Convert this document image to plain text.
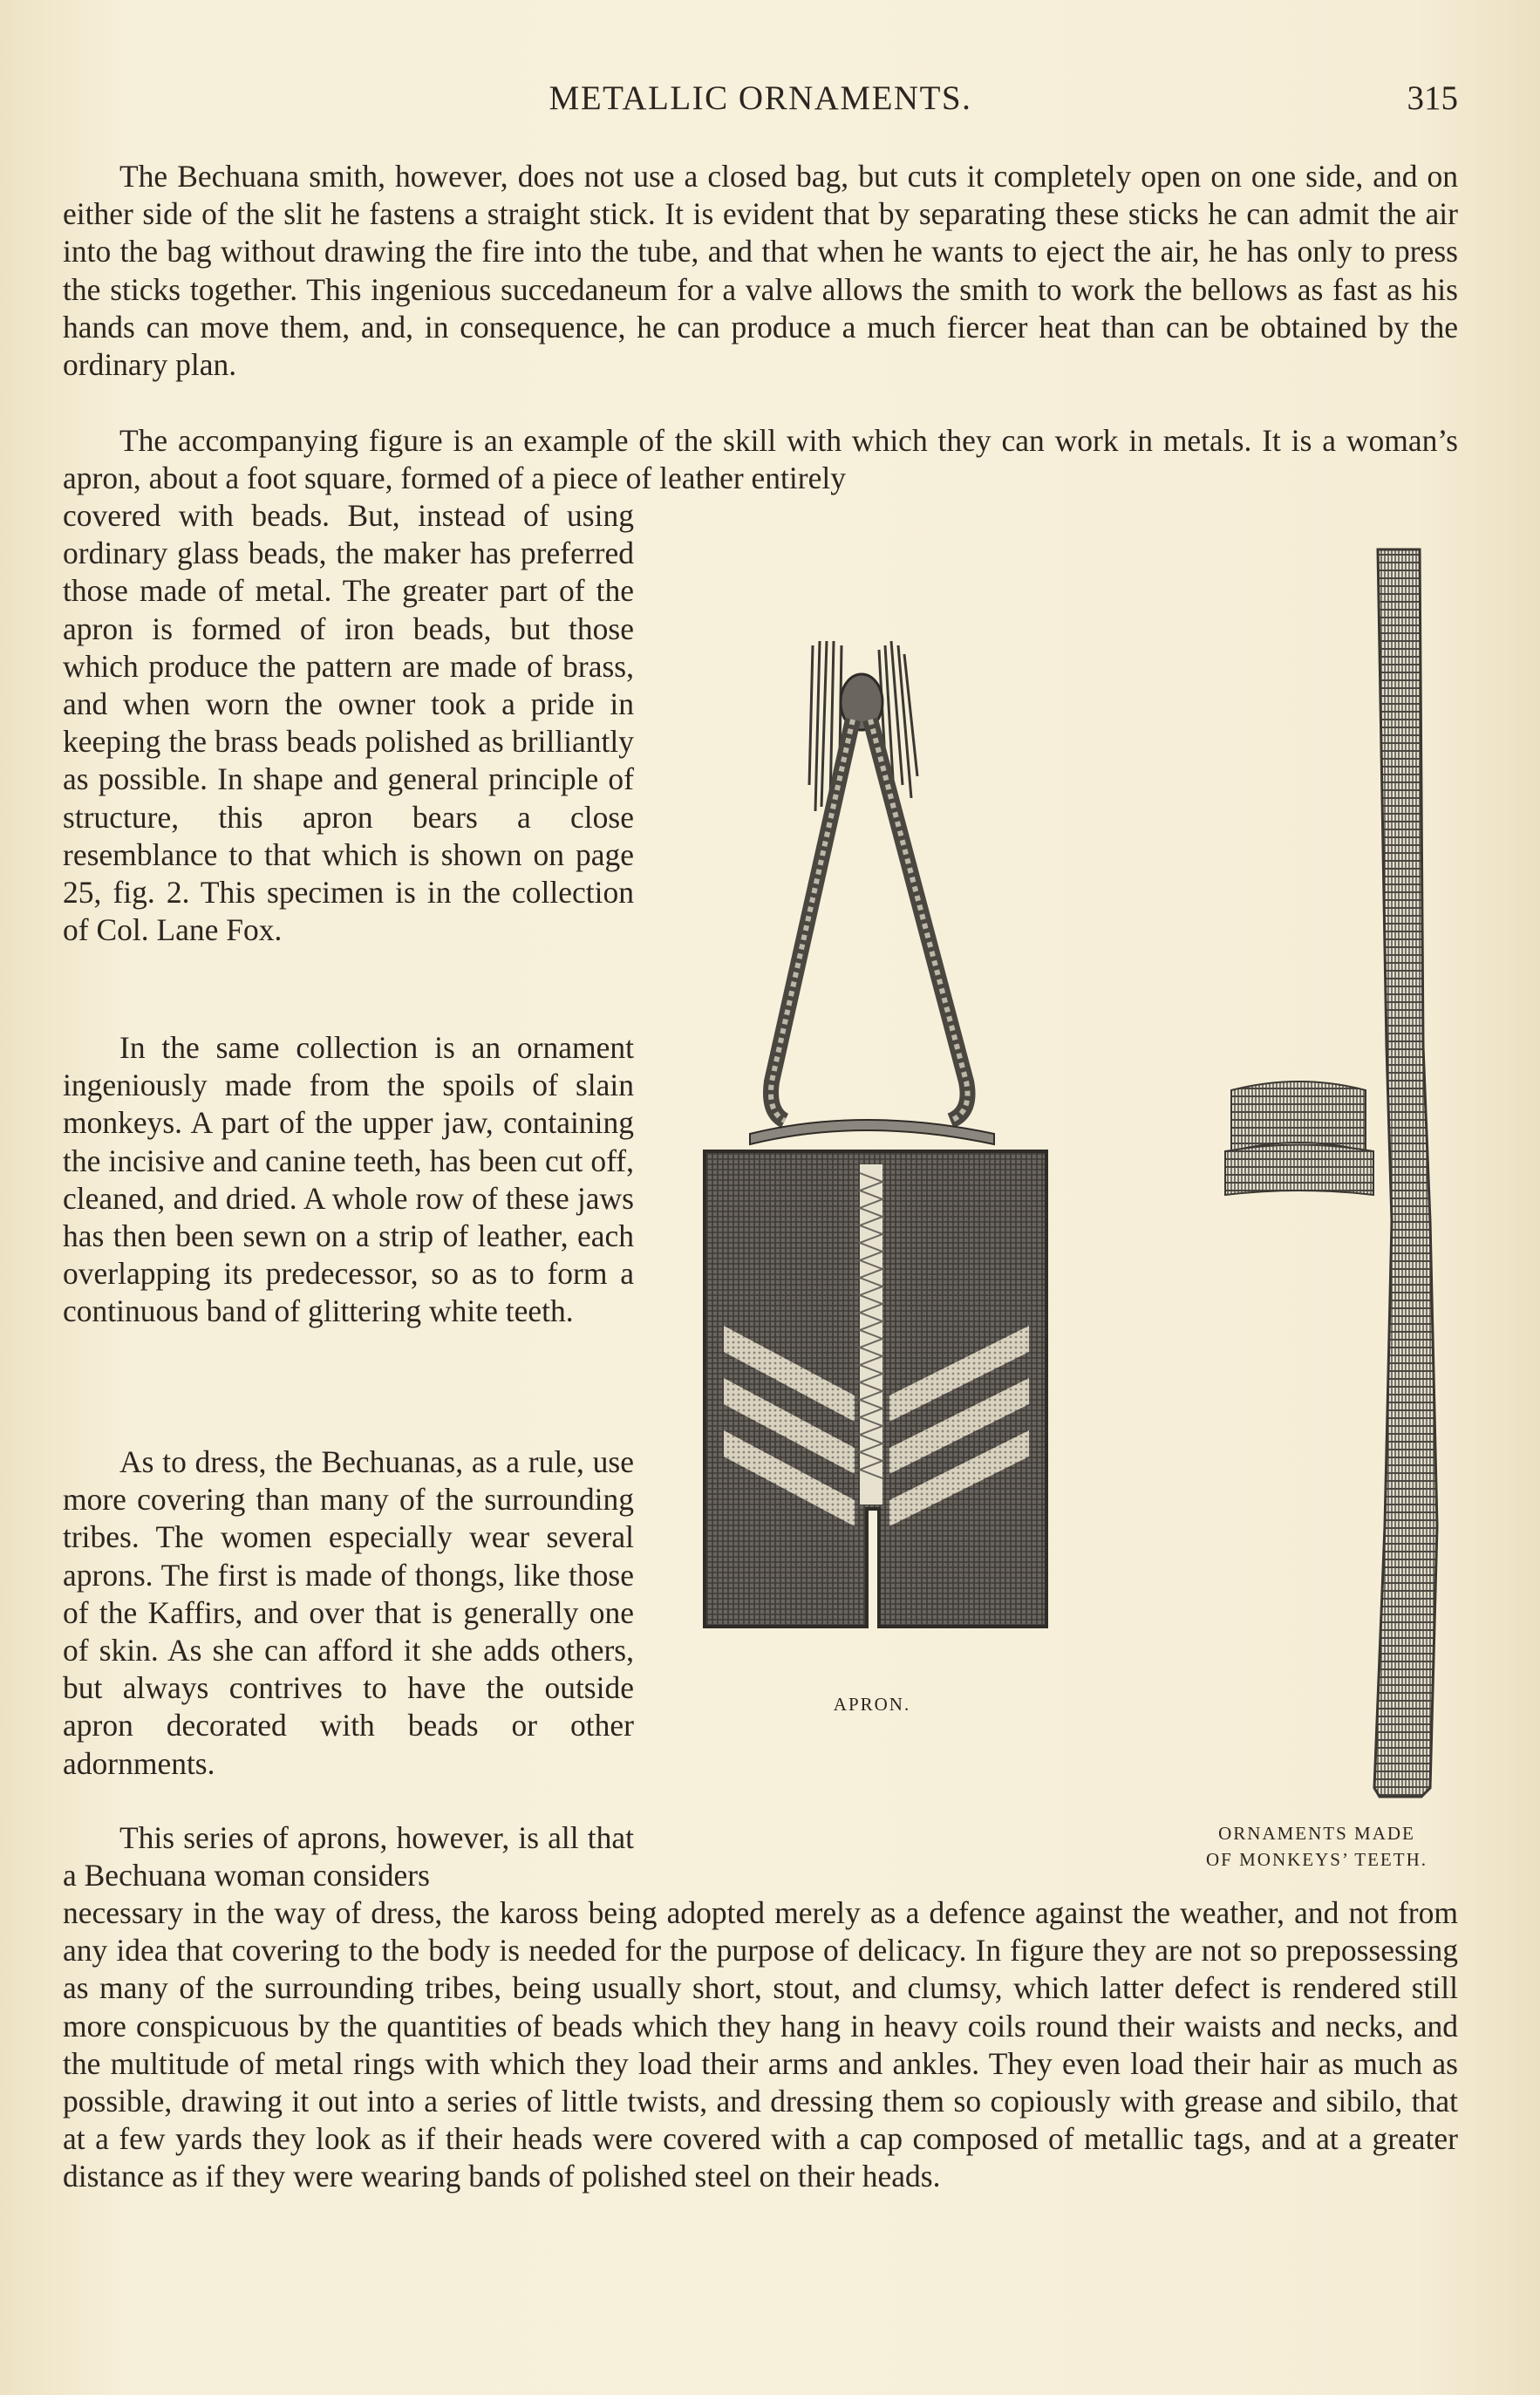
METALLIC ORNAMENTS.	315

The Bechuana smith, however, does not use a closed bag, but cuts it completely open on one side, and on either side of the slit he fastens a straight stick. It is evident that by separating these sticks he can admit the air into the bag without drawing the fire into the tube, and that when he wants to eject the air, he has only to press the sticks together. This ingenious succedaneum for a valve allows the smith to work the bellows as fast as his hands can move them, and, in consequence, he can produce a much fiercer heat than can be obtained by the ordinary plan.

The accompanying figure is an example of the skill with which they can work in metals. It is a woman’s apron, about a foot square, formed of a piece of leather entirely

covered with beads. But, instead of using ordinary glass beads, the maker has preferred those made of metal. The greater part of the apron is formed of iron beads, but those which produce the pattern are made of brass, and when worn the owner took a pride in keeping the brass beads polished as brilliantly as possible. In shape and general principle of structure, this apron bears a close resemblance to that which is shown on page 25, fig. 2. This specimen is in the collection of Col. Lane Fox.

In the same collection is an ornament ingeniously made from the spoils of slain monkeys. A part of the upper jaw, containing the incisive and canine teeth, has been cut off, cleaned, and dried. A whole row of these jaws has then been sewn on a strip of leather, each overlapping its predecessor, so as to form a continuous band of glittering white teeth.

As to dress, the Bechuanas, as a rule, use more covering than many of the surrounding tribes. The women especially wear several aprons. The first is made of thongs, like those of the Kaffirs, and over that is generally one of skin. As she can afford it she adds others, but always contrives to have the outside apron decorated with beads or other adornments.

This series of aprons, however, is all that a Bechuana woman considers

necessary in the way of dress, the kaross being adopted merely as a defence against the weather, and not from any idea that covering to the body is needed for the purpose of delicacy. In figure they are not so prepossessing as many of the surrounding tribes, being usually short, stout, and clumsy, which latter defect is rendered still more conspicuous by the quantities of beads which they hang in heavy coils round their waists and necks, and the multitude of metal rings with which they load their arms and ankles. They even load their hair as much as possible, drawing it out into a series of little twists, and dressing them so copiously with grease and sibilo, that at a few yards they look as if their heads were covered with a cap composed of metallic tags, and at a greater distance as if they were wearing bands of polished steel on their heads.

APRON.
ORNAMENTS MADE
OF MONKEYS’ TEETH.
